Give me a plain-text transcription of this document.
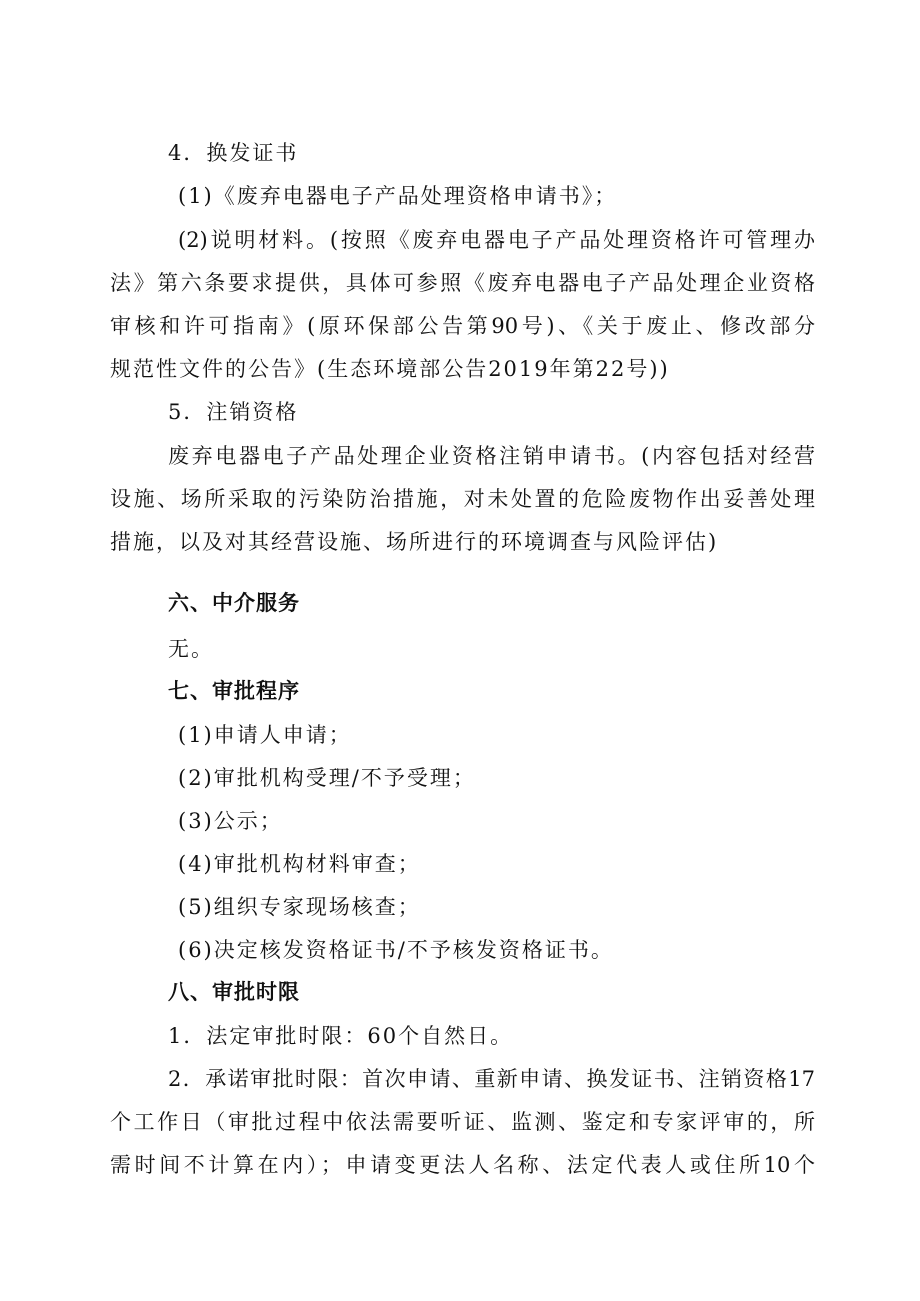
4．换发证书

(1)《废弃电器电子产品处理资格申请书》；

(2)说明材料。(按照《废弃电器电子产品处理资格许可管理办

法》第六条要求提供，具体可参照《废弃电器电子产品处理企业资格

审核和许可指南》(原环保部公告第90号)、《关于废止、修改部分

规范性文件的公告》(生态环境部公告2019年第22号))

5．注销资格

废弃电器电子产品处理企业资格注销申请书。(内容包括对经营

设施、场所采取的污染防治措施，对未处置的危险废物作出妥善处理

措施，以及对其经营设施、场所进行的环境调查与风险评估)

六、中介服务

无。

七、审批程序

(1)申请人申请；

(2)审批机构受理/不予受理；

(3)公示；

(4)审批机构材料审查；

(5)组织专家现场核查；

(6)决定核发资格证书/不予核发资格证书。

八、审批时限

1．法定审批时限：60个自然日。

2．承诺审批时限：首次申请、重新申请、换发证书、注销资格17

个工作日（审批过程中依法需要听证、监测、鉴定和专家评审的，所

需时间不计算在内）；申请变更法人名称、法定代表人或住所10个
